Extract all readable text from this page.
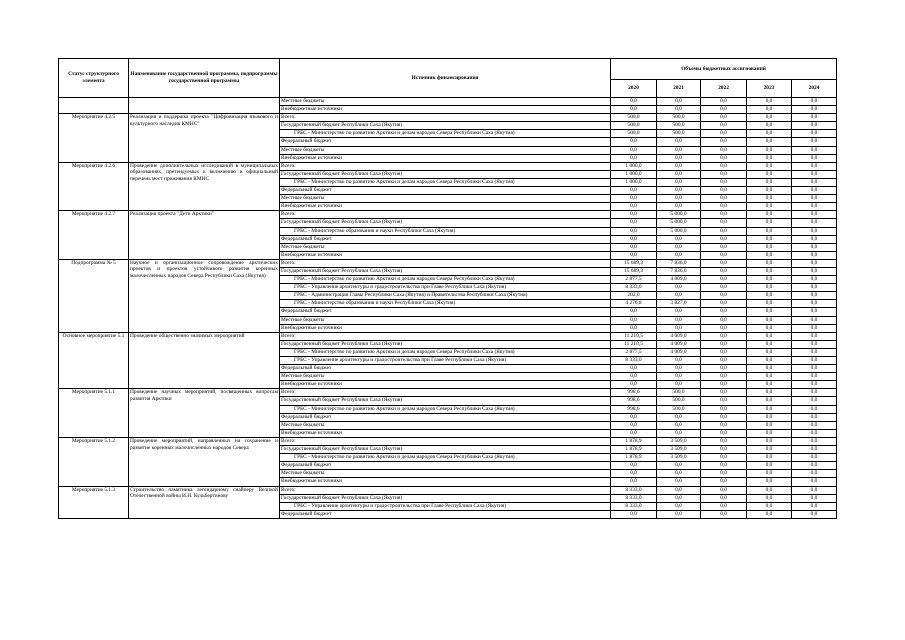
Статус структурного элемента	Наименование государственной программы, подпрограммы государственной программы	Источник финансирования	Объемы бюджетных ассигнований				
			2020	2021	2022	2023	2024
		Местные бюджеты	0,0	0,0	0,0	0,0	0,0
		Внебюджетные источники	0,0	0,0	0,0	0,0	0,0
Мероприятие 4.2.5	Реализация и поддержка проекта "Цифровизация языкового и культурного наследия КМНС"	Всего:	500,0	500,0	0,0	0,0	0,0
		Государственный бюджет Республики Саха (Якутия)	500,0	500,0	0,0	0,0	0,0
		ГРБС - Министерство по развитию Арктики и делам народов Севера Республики Саха (Якутия)	500,0	500,0	0,0	0,0	0,0
		Федеральный бюджет	0,0	0,0	0,0	0,0	0,0
		Местные бюджеты	0,0	0,0	0,0	0,0	0,0
		Внебюджетные источники	0,0	0,0	0,0	0,0	0,0
Мероприятие 4.2.6	Проведение дополнительных исследований в муниципальных образованиях, претендуемых к включению в официальный перечень мест проживания КМНС	Всего:	1 000,0	0,0	0,0	0,0	0,0
		Государственный бюджет Республики Саха (Якутия)	1 000,0	0,0	0,0	0,0	0,0
		ГРБС - Министерство по развитию Арктики и делам народов Севера Республики Саха (Якутия)	1 000,0	0,0	0,0	0,0	0,0
		Федеральный бюджет	0,0	0,0	0,0	0,0	0,0
		Местные бюджеты	0,0	0,0	0,0	0,0	0,0
		Внебюджетные источники	0,0	0,0	0,0	0,0	0,0
Мероприятие 4.2.7	Реализация проекта "Дети Арктики"	Всего:	0,0	5 000,0	0,0	0,0	0,0
		Государственный бюджет Республики Саха (Якутия)	0,0	5 000,0	0,0	0,0	0,0
		ГРБС - Министерство образования и науки Республики Саха (Якутия)	0,0	5 000,0	0,0	0,0	0,0
		Федеральный бюджет	0,0	0,0	0,0	0,0	0,0
		Местные бюджеты	0,0	0,0	0,0	0,0	0,0
		Внебюджетные источники	0,0	0,0	0,0	0,0	0,0
Подпрограмма № 5	Научное и организационное сопровождение арктических проектов и проектов устойчивого развития коренных малочисленных народов Севера Республики Саха (Якутия)	Всего:	15 689,3	7 836,0	0,0	0,0	0,0
		Государственный бюджет Республики Саха (Якутия)	15 689,3	7 836,0	0,0	0,0	0,0
		ГРБС - Министерство по развитию Арктики и делам народов Севера Республики Саха (Якутия)	2 877,5	4 009,0	0,0	0,0	0,0
		ГРБС - Управление архитектуры и градостроительства при Главе Республики Саха (Якутия)	8 333,0	0,0	0,0	0,0	0,0
		ГРБС - Администрация Главы Республики Саха (Якутия) и Правительства Республики Саха (Якутия)	202,0	0,0	0,0	0,0	0,0
		ГРБС - Министерство образования и науки Республики Саха (Якутия)	4 276,8	3 827,0	0,0	0,0	0,0
		Федеральный бюджет	0,0	0,0	0,0	0,0	0,0
		Местные бюджеты	0,0	0,0	0,0	0,0	0,0
		Внебюджетные источники	0,0	0,0	0,0	0,0	0,0
Основное мероприятие 5.1	Проведение общественно значимых мероприятий	Всего:	11 210,5	4 009,0	0,0	0,0	0,0
		Государственный бюджет Республики Саха (Якутия)	11 210,5	4 009,0	0,0	0,0	0,0
		ГРБС - Министерство по развитию Арктики и делам народов Севера Республики Саха (Якутия)	2 877,5	4 009,0	0,0	0,0	0,0
		ГРБС - Управление архитектуры и градостроительства при Главе Республики Саха (Якутия)	8 333,0	0,0	0,0	0,0	0,0
		Федеральный бюджет	0,0	0,0	0,0	0,0	0,0
		Местные бюджеты	0,0	0,0	0,0	0,0	0,0
		Внебюджетные источники	0,0	0,0	0,0	0,0	0,0
Мероприятие 5.1.1	Проведение научных мероприятий, посвященных вопросам развития Арктики	Всего:	998,6	500,0	0,0	0,0	0,0
		Государственный бюджет Республики Саха (Якутия)	998,6	500,0	0,0	0,0	0,0
		ГРБС - Министерство по развитию Арктики и делам народов Севера Республики Саха (Якутия)	998,6	500,0	0,0	0,0	0,0
		Федеральный бюджет	0,0	0,0	0,0	0,0	0,0
		Местные бюджеты	0,0	0,0	0,0	0,0	0,0
		Внебюджетные источники	0,0	0,0	0,0	0,0	0,0
Мероприятие 5.1.2	Проведение мероприятий, направленных на сохранение и развитие коренных малочисленных народов Севера	Всего:	1 878,9	3 509,0	0,0	0,0	0,0
		Государственный бюджет Республики Саха (Якутия)	1 878,9	3 509,0	0,0	0,0	0,0
		ГРБС - Министерство по развитию Арктики и делам народов Севера Республики Саха (Якутия)	1 878,9	3 509,0	0,0	0,0	0,0
		Федеральный бюджет	0,0	0,0	0,0	0,0	0,0
		Местные бюджеты	0,0	0,0	0,0	0,0	0,0
		Внебюджетные источники	0,0	0,0	0,0	0,0	0,0
Мероприятие 5.1.3	Строительство памятника легендарному снайперу Великой Отечественной войны И.Н. Кульбертинову	Всего:	8 333,0	0,0	0,0	0,0	0,0
		Государственный бюджет Республики Саха (Якутия)	8 333,0	0,0	0,0	0,0	0,0
		ГРБС - Управление архитектуры и градостроительства при Главе Республики Саха (Якутия)	8 333,0	0,0	0,0	0,0	0,0
		Федеральный бюджет	0,0	0,0	0,0	0,0	0,0
